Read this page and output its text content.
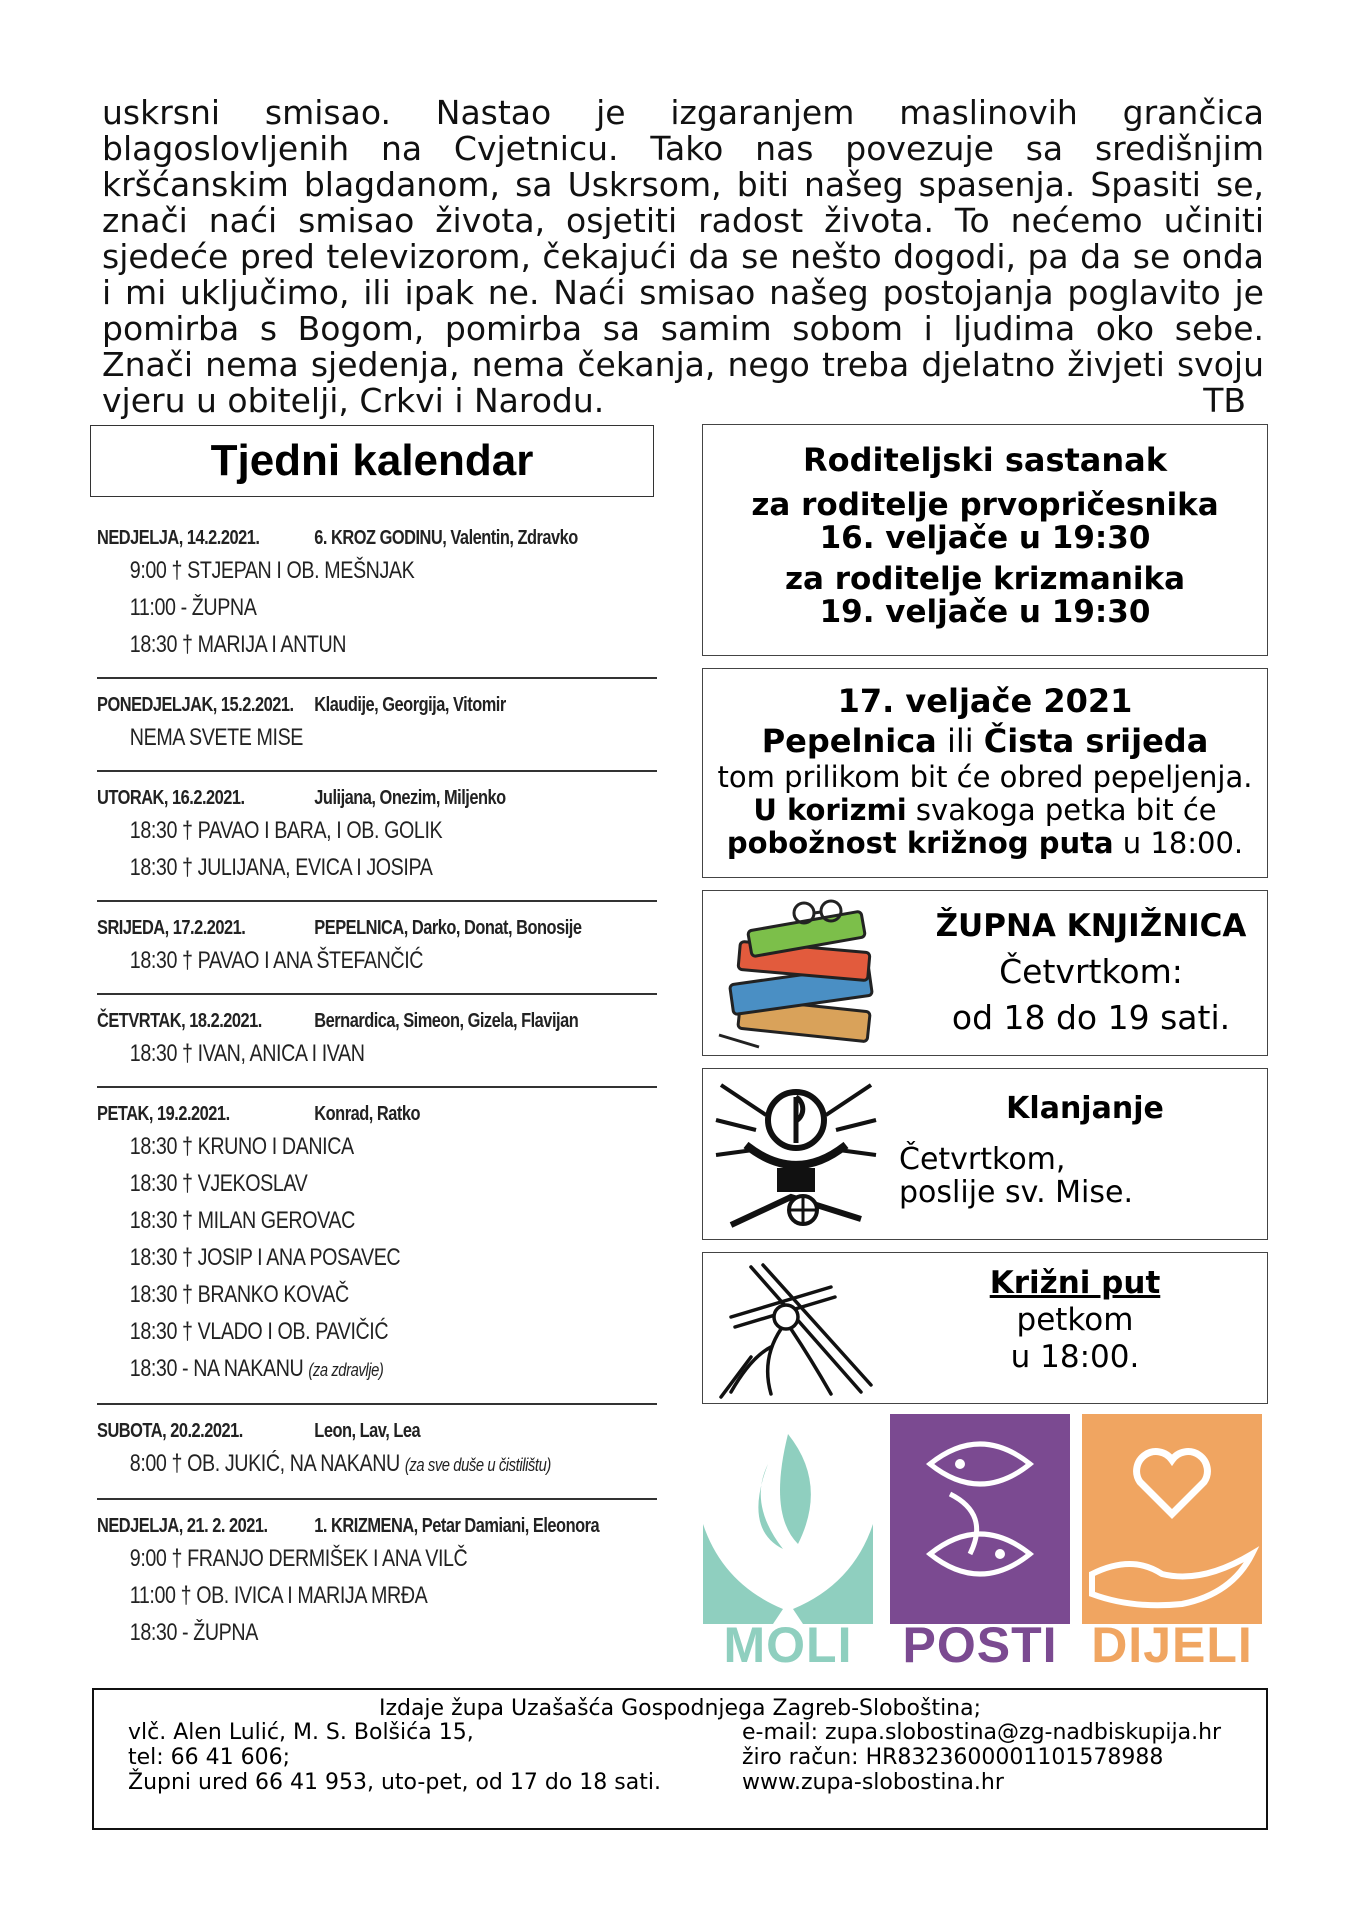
uskrsni smisao. Nastao je izgaranjem maslinovih grančica blagoslovljenih na Cvjetnicu. Tako nas povezuje sa središnjim kršćanskim blagdanom, sa Uskrsom, biti našeg spasenja. Spasiti se, znači naći smisao života, osjetiti radost života. To nećemo učiniti sjedeće pred televizorom, čekajući da se nešto dogodi, pa da se onda i mi uključimo, ili ipak ne. Naći smisao našeg postojanja poglavito je pomirba s Bogom, pomirba sa samim sobom i ljudima oko sebe. Znači nema sjedenja, nema čekanja, nego treba djelatno živjeti svoju vjeru u obitelji, Crkvi i Narodu.	TB
Tjedni kalendar
NEDJELJA, 14.2.2021.	6. KROZ GODINU, Valentin, Zdravko
9:00 † STJEPAN I OB. MEŠNJAK
11:00 - ŽUPNA
18:30 † MARIJA I ANTUN
PONEDJELJAK, 15.2.2021.	Klaudije, Georgija, Vitomir
NEMA SVETE MISE
UTORAK, 16.2.2021.	Julijana, Onezim, Miljenko
18:30 † PAVAO I BARA, I OB. GOLIK
18:30 † JULIJANA, EVICA I JOSIPA
SRIJEDA, 17.2.2021.	PEPELNICA, Darko, Donat, Bonosije
18:30 † PAVAO I ANA ŠTEFANČIĆ
ČETVRTAK, 18.2.2021.	Bernardica, Simeon, Gizela, Flavijan
18:30 † IVAN, ANICA I IVAN
PETAK, 19.2.2021.	Konrad, Ratko
18:30 † KRUNO I DANICA
18:30 † VJEKOSLAV
18:30 † MILAN GEROVAC
18:30 † JOSIP I ANA POSAVEC
18:30 † BRANKO KOVAČ
18:30 † VLADO I OB. PAVIČIĆ
18:30 - NA NAKANU (za zdravlje)
SUBOTA, 20.2.2021.	Leon, Lav, Lea
8:00 † OB. JUKIĆ, NA NAKANU (za sve duše u čistilištu)
NEDJELJA, 21. 2. 2021.	1. KRIZMENA, Petar Damiani, Eleonora
9:00 † FRANJO DERMIŠEK I ANA VILČ
11:00 † OB. IVICA I MARIJA MRĐA
18:30 - ŽUPNA
Roditeljski sastanak
za roditelje prvopričesnika
16. veljače u 19:30
za roditelje krizmanika
19. veljače u 19:30
17. veljače 2021
Pepelnica ili Čista srijeda
tom prilikom bit će obred pepeljenja.
U korizmi svakoga petka bit će
pobožnost križnog puta u 18:00.
ŽUPNA KNJIŽNICA
Četvrtkom:
od 18 do 19 sati.
Klanjanje
Četvrtkom,
poslije sv. Mise.
Križni put
petkom
u 18:00.
MOLI	POSTI DIJELI
Izdaje župa Uzašašća Gospodnjega Zagreb-Sloboština;
vlč. Alen Lulić, M. S. Bolšića 15,
tel: 66 41 606;
Župni ured 66 41 953, uto-pet, od 17 do 18 sati.
e-mail: zupa.slobostina@zg-nadbiskupija.hr
žiro račun: HR8323600001101578988
www.zupa-slobostina.hr
